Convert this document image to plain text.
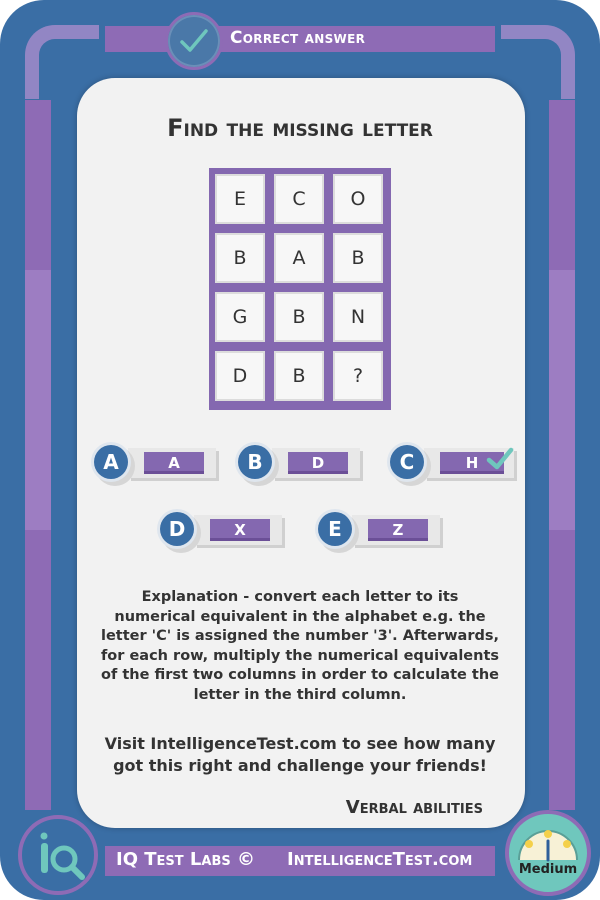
Correct answer
Find the missing letter
E	C	O
B	A	B
G	B	N
D	B	?
A
A	D
B	H
C
X
D	Z
E
Explanation - convert each letter to its numerical equivalent in the alphabet e.g. the letter 'C' is assigned the number '3'. Afterwards, for each row, multiply the numerical equivalents of the first two columns in order to calculate the letter in the third column.
Visit IntelligenceTest.com to see how many got this right and challenge your friends!
Verbal abilities
IQ Test Labs © IntelligenceTest.com	Medium
